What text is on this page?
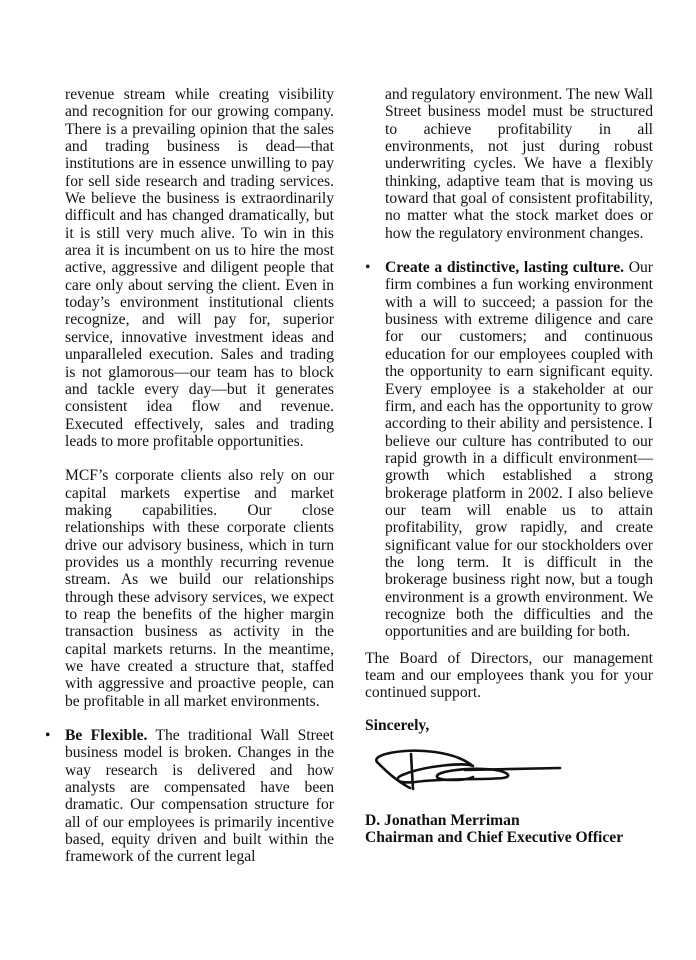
revenue stream while creating visibility and recognition for our growing company. There is a prevailing opinion that the sales and trading business is dead—that institutions are in essence unwilling to pay for sell side research and trading services. We believe the business is extraordinarily difficult and has changed dramatically, but it is still very much alive. To win in this area it is incumbent on us to hire the most active, aggressive and diligent people that care only about serving the client. Even in today’s environment institutional clients recognize, and will pay for, superior service, innovative investment ideas and unparalleled execution. Sales and trading is not glamorous—our team has to block and tackle every day—but it generates consistent idea flow and revenue. Executed effectively, sales and trading leads to more profitable opportunities.

MCF’s corporate clients also rely on our capital markets expertise and market making capabilities. Our close relationships with these corporate clients drive our advisory business, which in turn provides us a monthly recurring revenue stream. As we build our relationships through these advisory services, we expect to reap the benefits of the higher margin transaction business as activity in the capital markets returns. In the meantime, we have created a structure that, staffed with aggressive and proactive people, can be profitable in all market environments.

• Be Flexible. The traditional Wall Street business model is broken. Changes in the way research is delivered and how analysts are compensated have been dramatic. Our compensation structure for all of our employees is primarily incentive based, equity driven and built within the framework of the current legal

and regulatory environment. The new Wall Street business model must be structured to achieve profitability in all environments, not just during robust underwriting cycles. We have a flexibly thinking, adaptive team that is moving us toward that goal of consistent profitability, no matter what the stock market does or how the regulatory environment changes.

• Create a distinctive, lasting culture. Our firm combines a fun working environment with a will to succeed; a passion for the business with extreme diligence and care for our customers; and continuous education for our employees coupled with the opportunity to earn significant equity. Every employee is a stakeholder at our firm, and each has the opportunity to grow according to their ability and persistence. I believe our culture has contributed to our rapid growth in a difficult environment—growth which established a strong brokerage platform in 2002. I also believe our team will enable us to attain profitability, grow rapidly, and create significant value for our stockholders over the long term. It is difficult in the brokerage business right now, but a tough environment is a growth environment. We recognize both the difficulties and the opportunities and are building for both.

The Board of Directors, our management team and our employees thank you for your continued support.

Sincerely,

D. Jonathan Merriman
Chairman and Chief Executive Officer
